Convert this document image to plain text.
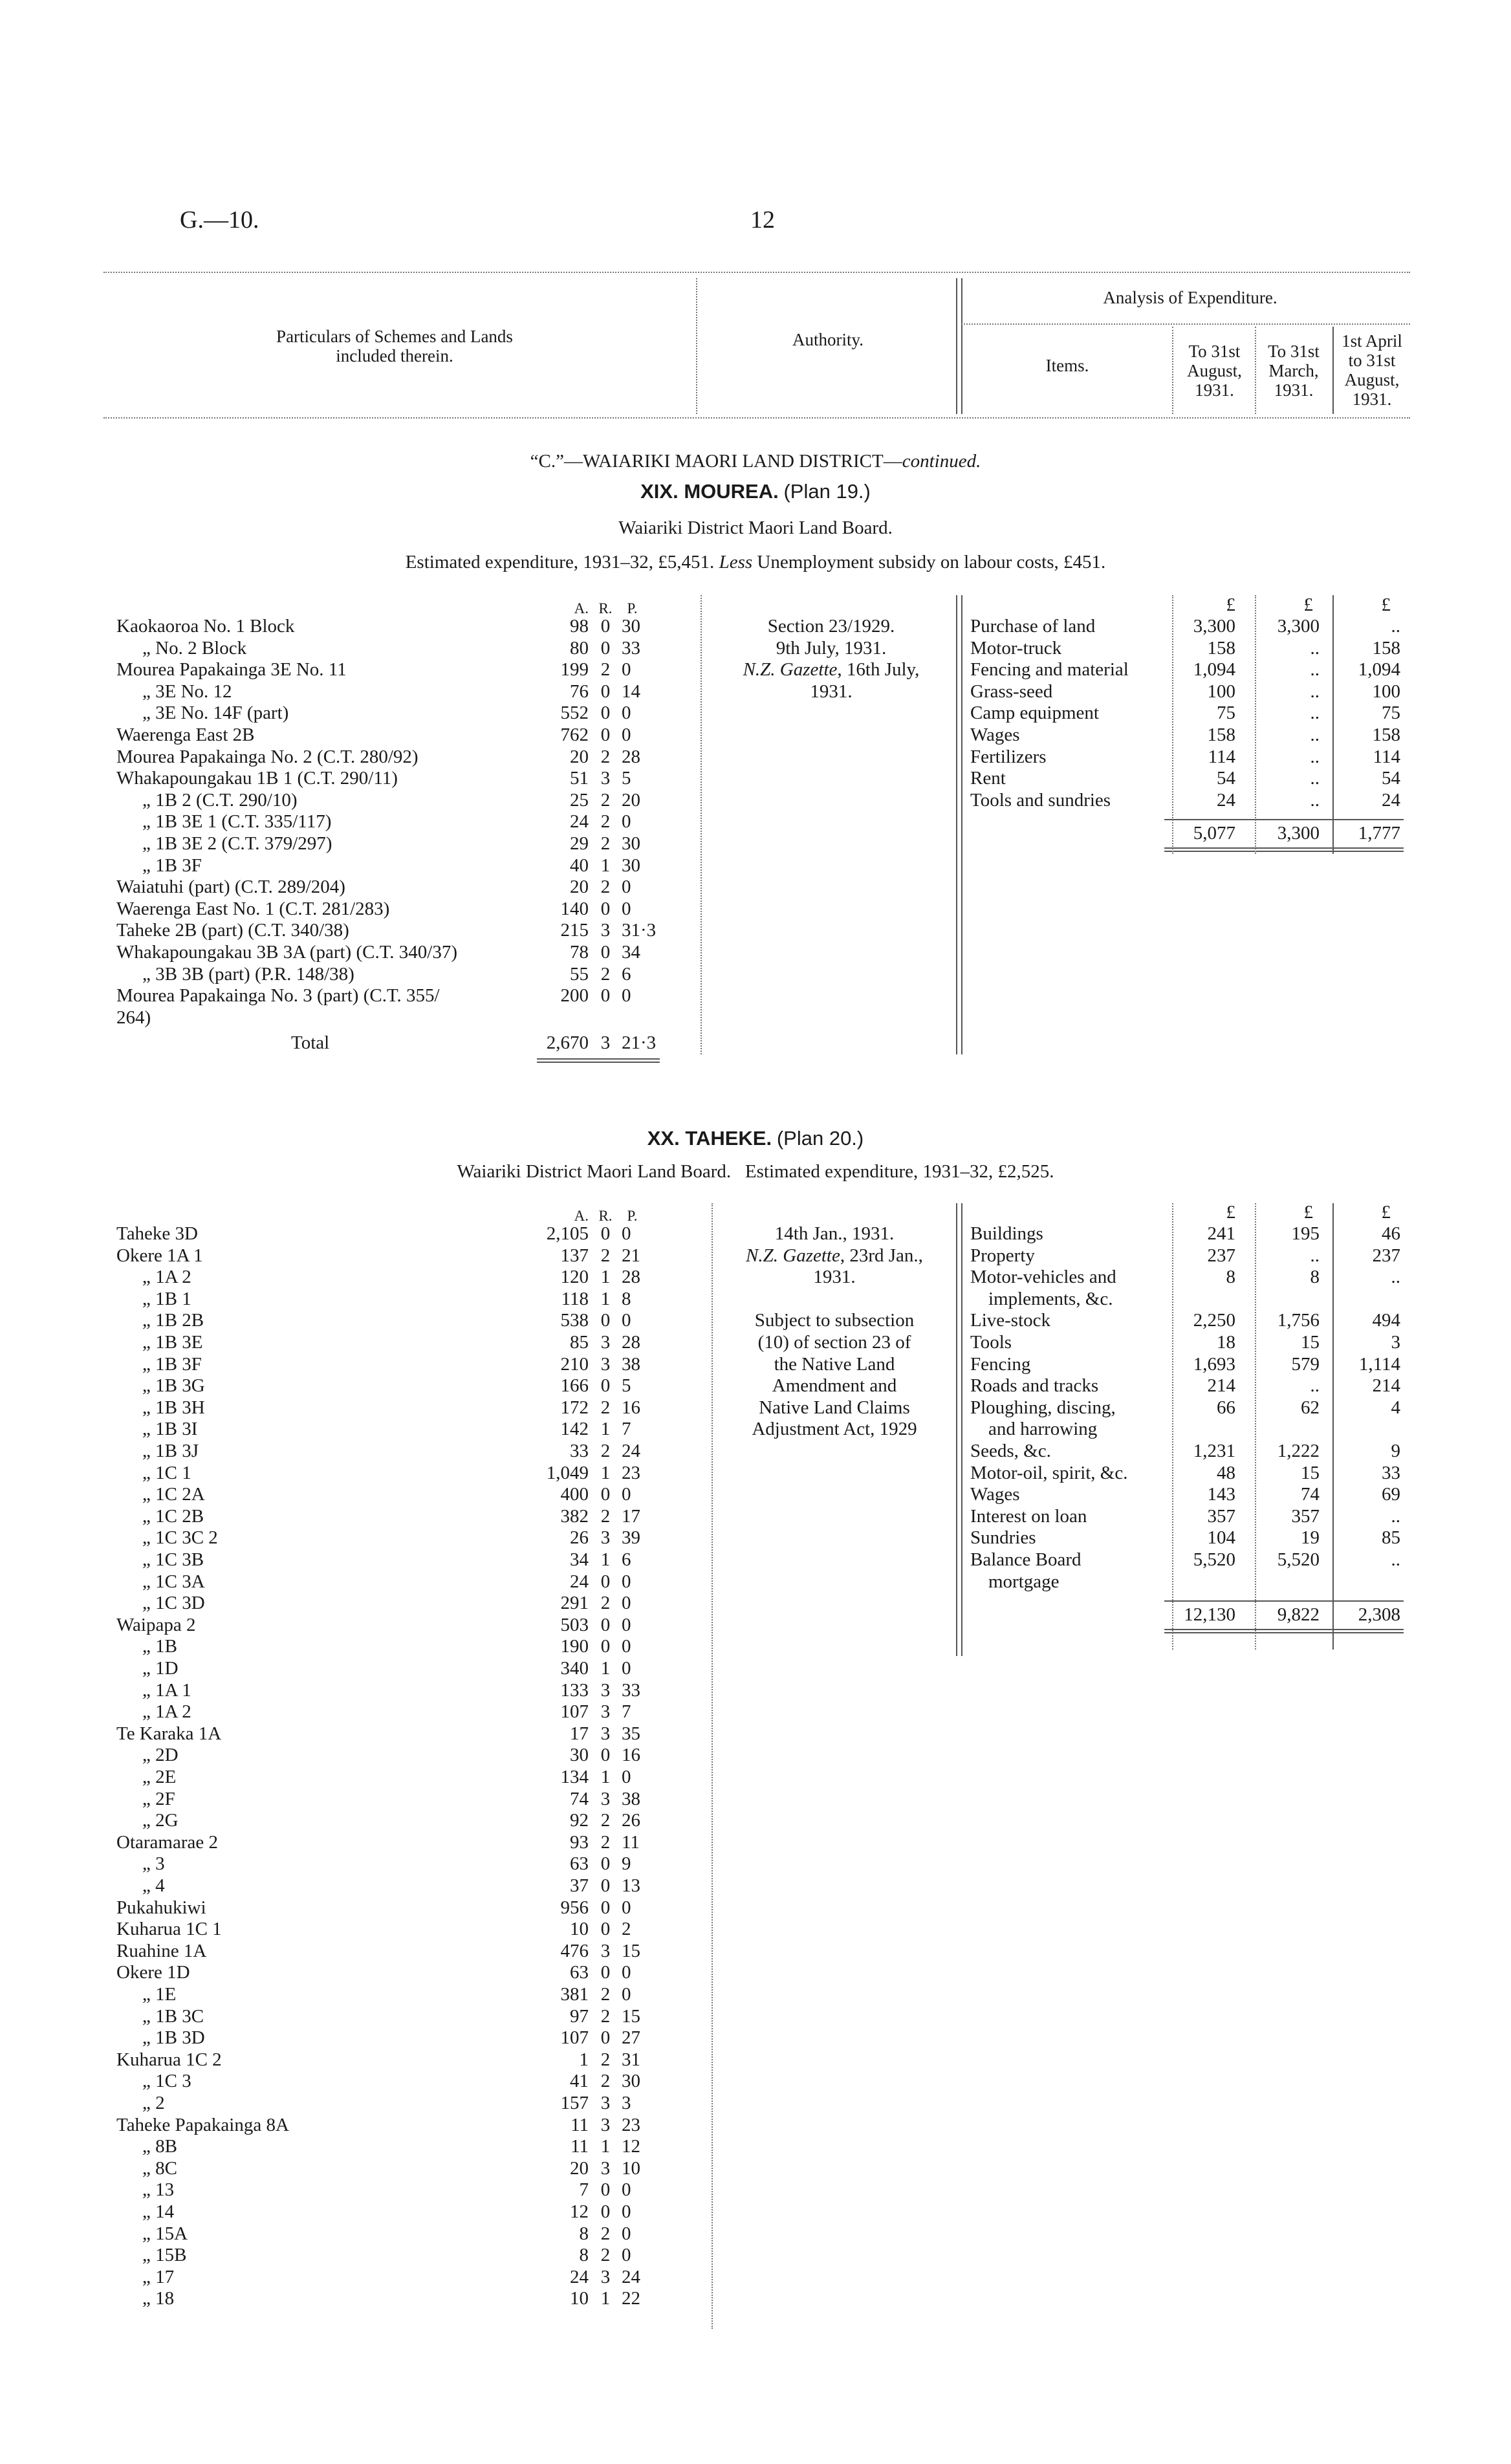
G.—10.	12
Particulars of Schemes and Lands included therein.
Authority.
Analysis of Expenditure.
Items.
To 31st August, 1931.
To 31st March, 1931.
1st April to 31st August, 1931.
“C.”—WAIARIKI MAORI LAND DISTRICT—continued.
XIX. MOUREA. (Plan 19.)
Waiariki District Maori Land Board.
Estimated expenditure, 1931–32, £5,451. Less Unemployment subsidy on labour costs, £451.
A. R. P.
Kaokaoroa No. 1 Block	98 0 30
„ No. 2 Block	80 0 33
Mourea Papakainga 3E No. 11	199 2 0
„ 3E No. 12	76 0 14
„ 3E No. 14F (part)	552 0 0
Waerenga East 2B	762 0 0
Mourea Papakainga No. 2 (C.T. 280/92)	20 2 28
Whakapoungakau 1B 1 (C.T. 290/11)	51 3 5
„ 1B 2 (C.T. 290/10)	25 2 20
„ 1B 3E 1 (C.T. 335/117)	24 2 0
„ 1B 3E 2 (C.T. 379/297)	29 2 30
„ 1B 3F	40 1 30
Waiatuhi (part) (C.T. 289/204)	20 2 0
Waerenga East No. 1 (C.T. 281/283)	140 0 0
Taheke 2B (part) (C.T. 340/38)	215 3 31·3
Whakapoungakau 3B 3A (part) (C.T. 340/37)	78 0 34
„ 3B 3B (part) (P.R. 148/38)	55 2 6
Mourea Papakainga No. 3 (part) (C.T. 355/	200 0 0
264)
Total	2,670 3 21·3
Section 23/1929.
9th July, 1931.
N.Z. Gazette, 16th July,
1931.
£	£	£
Purchase of land	3,300	3,300	..
Motor-truck	158	..	158
Fencing and material	1,094	..	1,094
Grass-seed	100	..	100
Camp equipment	75	..	75
Wages	158	..	158
Fertilizers	114	..	114
Rent	54	..	54
Tools and sundries	24	..	24
5,077	3,300	1,777
XX. TAHEKE. (Plan 20.)
Waiariki District Maori Land Board.   Estimated expenditure, 1931–32, £2,525.
A. R. P.
Taheke 3D	2,105 0 0
Okere 1A 1	137 2 21
„ 1A 2	120 1 28
„ 1B 1	118 1 8
„ 1B 2B	538 0 0
„ 1B 3E	85 3 28
„ 1B 3F	210 3 38
„ 1B 3G	166 0 5
„ 1B 3H	172 2 16
„ 1B 3I	142 1 7
„ 1B 3J	33 2 24
„ 1C 1	1,049 1 23
„ 1C 2A	400 0 0
„ 1C 2B	382 2 17
„ 1C 3C 2	26 3 39
„ 1C 3B	34 1 6
„ 1C 3A	24 0 0
„ 1C 3D	291 2 0
Waipapa 2	503 0 0
„ 1B	190 0 0
„ 1D	340 1 0
„ 1A 1	133 3 33
„ 1A 2	107 3 7
Te Karaka 1A	17 3 35
„ 2D	30 0 16
„ 2E	134 1 0
„ 2F	74 3 38
„ 2G	92 2 26
Otaramarae 2	93 2 11
„ 3	63 0 9
„ 4	37 0 13
Pukahukiwi	956 0 0
Kuharua 1C 1	10 0 2
Ruahine 1A	476 3 15
Okere 1D	63 0 0
„ 1E	381 2 0
„ 1B 3C	97 2 15
„ 1B 3D	107 0 27
Kuharua 1C 2	1 2 31
„ 1C 3	41 2 30
„ 2	157 3 3
Taheke Papakainga 8A	11 3 23
„ 8B	11 1 12
„ 8C	20 3 10
„ 13	7 0 0
„ 14	12 0 0
„ 15A	8 2 0
„ 15B	8 2 0
„ 17	24 3 24
„ 18	10 1 22
14th Jan., 1931.
N.Z. Gazette, 23rd Jan.,
1931.
Subject to subsection
(10) of section 23 of
the Native Land
Amendment and
Native Land Claims
Adjustment Act, 1929
£	£	£
Buildings	241	195	46
Property	237	..	237
Motor-vehicles and	8	8	..
implements, &c.
Live-stock	2,250	1,756	494
Tools	18	15	3
Fencing	1,693	579	1,114
Roads and tracks	214	..	214
Ploughing, discing,	66	62	4
and harrowing
Seeds, &c.	1,231	1,222	9
Motor-oil, spirit, &c.	48	15	33
Wages	143	74	69
Interest on loan	357	357	..
Sundries	104	19	85
Balance Board	5,520	5,520	..
mortgage
12,130	9,822	2,308
